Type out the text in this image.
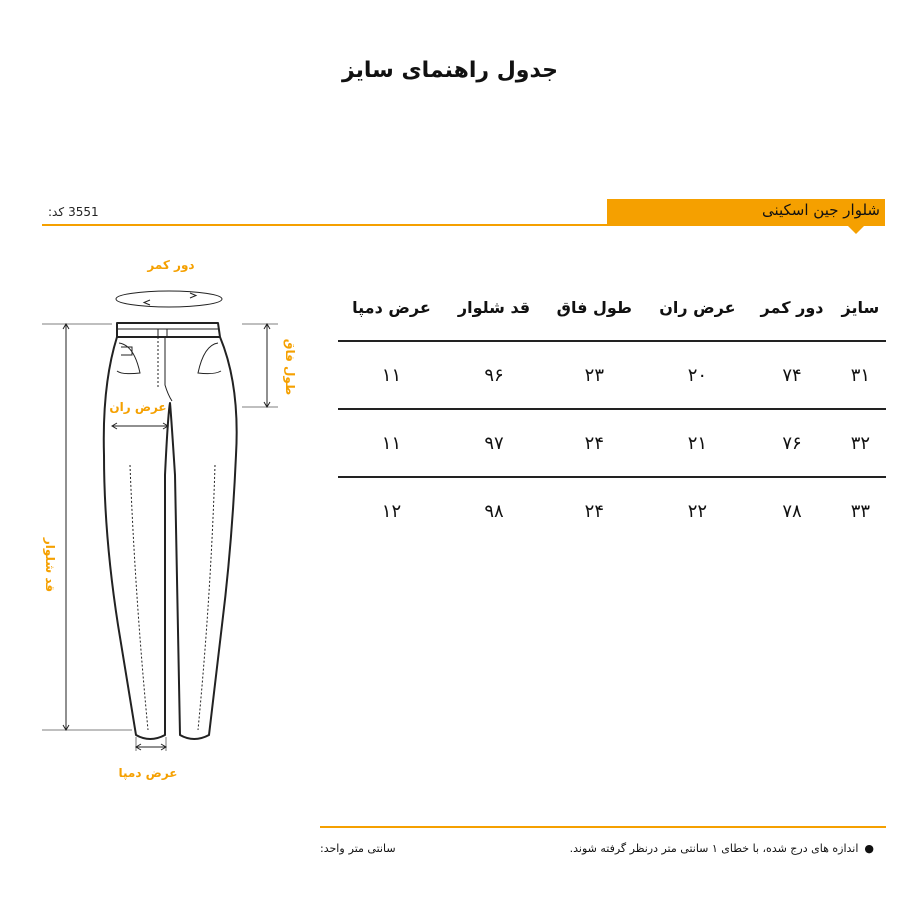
جدول راهنمای سایز
شلوار جین اسکینی
کد: 3551
دور کمر
عرض ران
طول فاق
قد شلوار
عرض دمپا
سایز	دور کمر	عرض ران	طول فاق	قد شلوار	عرض دمپا
۳۱	۷۴	۲۰	۲۳	۹۶	۱۱
۳۲	۷۶	۲۱	۲۴	۹۷	۱۱
۳۳	۷۸	۲۲	۲۴	۹۸	۱۲
●اندازه های درج شده، با خطای ۱ سانتی متر درنظر گرفته شوند.
واحد: سانتی متر
